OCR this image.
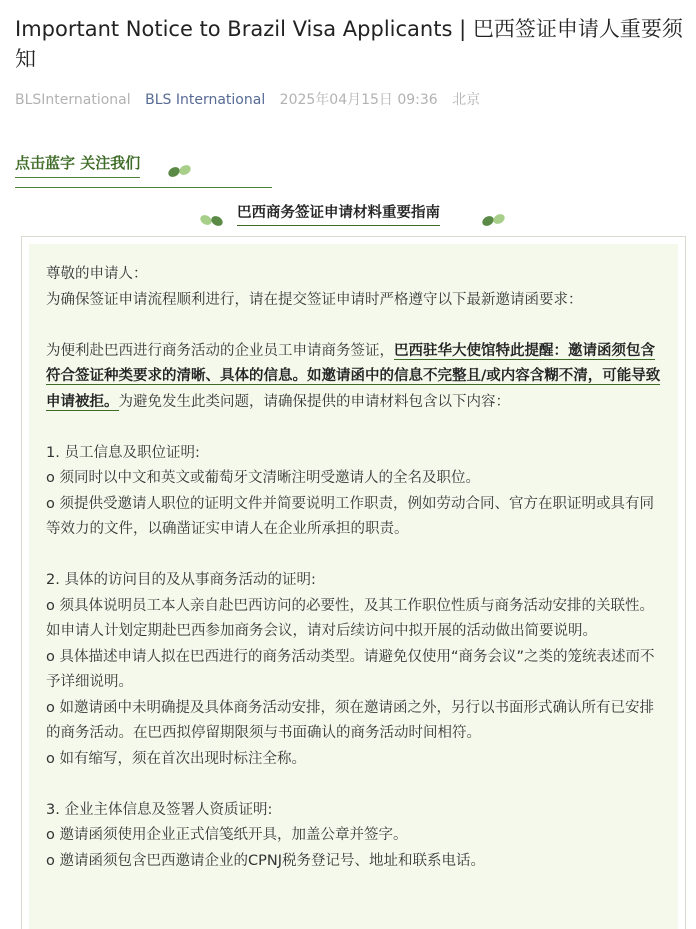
Important Notice to Brazil Visa Applicants | 巴西签证申请人重要须知
BLSInternational BLS International 2025年04月15日 09:36 北京
点击蓝字 关注我们
巴西商务签证申请材料重要指南

尊敬的申请人：

为确保签证申请流程顺利进行，请在提交签证申请时严格遵守以下最新邀请函要求：

为便利赴巴西进行商务活动的企业员工申请商务签证，巴西驻华大使馆特此提醒：邀请函须包含符合签证种类要求的清晰、具体的信息。如邀请函中的信息不完整且/或内容含糊不清，可能导致申请被拒。为避免发生此类问题，请确保提供的申请材料包含以下内容：

1. 员工信息及职位证明:

o 须同时以中文和英文或葡萄牙文清晰注明受邀请人的全名及职位。

o 须提供受邀请人职位的证明文件并简要说明工作职责，例如劳动合同、官方在职证明或具有同等效力的文件，以确凿证实申请人在企业所承担的职责。

2. 具体的访问目的及从事商务活动的证明:

o 须具体说明员工本人亲自赴巴西访问的必要性，及其工作职位性质与商务活动安排的关联性。如申请人计划定期赴巴西参加商务会议，请对后续访问中拟开展的活动做出简要说明。

o 具体描述申请人拟在巴西进行的商务活动类型。请避免仅使用“商务会议”之类的笼统表述而不予详细说明。

o 如邀请函中未明确提及具体商务活动安排，须在邀请函之外，另行以书面形式确认所有已安排的商务活动。在巴西拟停留期限须与书面确认的商务活动时间相符。

o 如有缩写，须在首次出现时标注全称。

3. 企业主体信息及签署人资质证明:

o 邀请函须使用企业正式信笺纸开具，加盖公章并签字。

o 邀请函须包含巴西邀请企业的CPNJ税务登记号、地址和联系电话。
